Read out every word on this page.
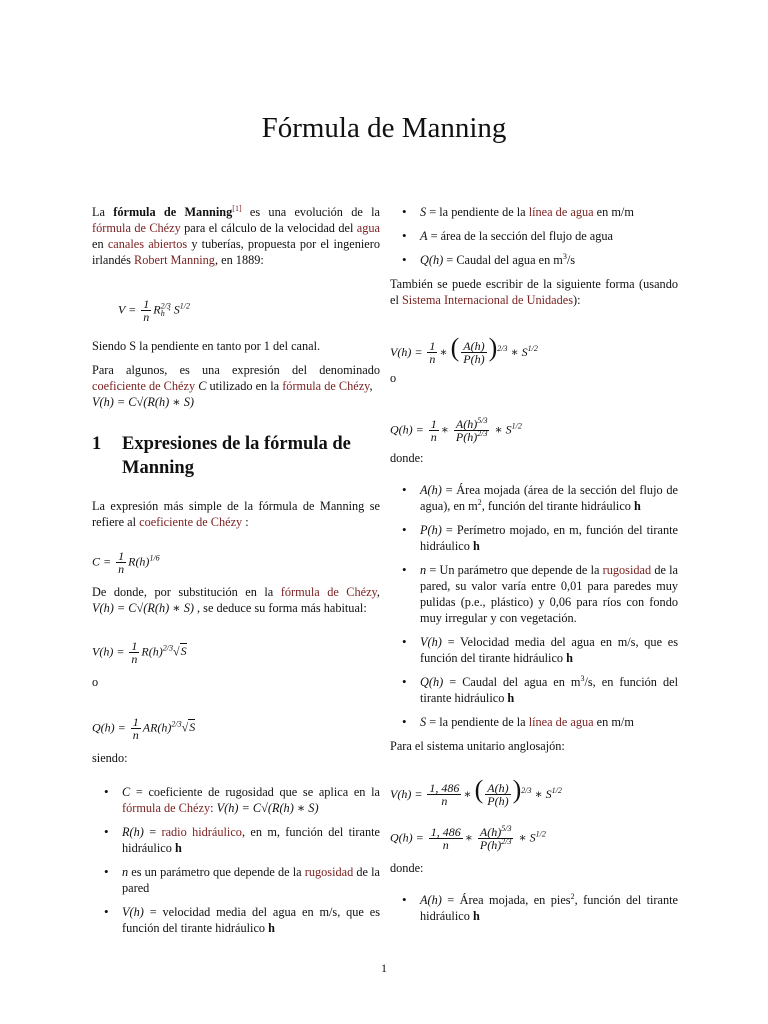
Fórmula de Manning

La fórmula de Manning[1] es una evolución de la fórmula de Chézy para el cálculo de la velocidad del agua en canales abiertos y tuberías, propuesta por el ingeniero irlandés Robert Manning, en 1889:

$V = \frac{1}{n} R^{2/3}_h \cdot S^{1/2}$

Siendo S la pendiente en tanto por 1 del canal.

Para algunos, es una expresión del denominado coeficiente de Chézy C utilizado en la fórmula de Chézy,
V(h) = C√(R(h) ∗ S)

1	Expresiones de la fórmula de Manning

La expresión más simple de la fórmula de Manning se refiere al coeficiente de Chézy :

$C = \frac{1}{n} R(h)^{1/6}$

De donde, por substitución en la fórmula de Chézy, V(h) = C√(R(h) ∗ S) , se deduce su forma más habitual:

$V(h) = \frac{1}{n} R(h)^{2/3}√S$

o

$Q(h) = \frac{1}{n} AR(h)^{2/3}√S$

siendo:

• C = coeficiente de rugosidad que se aplica en la fórmula de Chézy: V(h) = C√(R(h) ∗ S)
• R(h) = radio hidráulico, en m, función del tirante hidráulico h
• n es un parámetro que depende de la rugosidad de la pared
• V(h) = velocidad media del agua en m/s, que es función del tirante hidráulico h
• S = la pendiente de la línea de agua en m/m
• A = área de la sección del flujo de agua
• Q(h) = Caudal del agua en $m^3/s$

También se puede escribir de la siguiente forma (usando el Sistema Internacional de Unidades):

$V(h) = \frac{1}{n}$ ∗ ( $\frac{A(h)}{P(h)} )^{2/3}$ ∗ $S^{1/2}$

o

$Q(h) = \frac{1}{n}$ ∗ $\frac{A(h)^{5/3}}{P(h)^{2/3}}$ ∗ $S^{1/2}$

donde:

• A(h) = Área mojada (área de la sección del flujo de agua), en $m^2$, función del tirante hidráulico h
• P(h) = Perímetro mojado, en m, función del tirante hidráulico h
• n = Un parámetro que depende de la rugosidad de la pared, su valor varía entre 0,01 para paredes muy pulidas (p.e., plástico) y 0,06 para ríos con fondo muy irregular y con vegetación.
• V(h) = Velocidad media del agua en m/s, que es función del tirante hidráulico h
• Q(h) = Caudal del agua en $m^3/s$, en función del tirante hidráulico h
• S = la pendiente de la línea de agua en m/m

Para el sistema unitario anglosajón:

$V(h) = \frac{1, 486}{n}$ ∗ ( $\frac{A(h)}{P(h)} )^{2/3}$ ∗ $S^{1/2}$
$Q(h) = \frac{1, 486}{n}$ ∗ $\frac{A(h)^{5/3}}{P(h)^{2/3}}$ ∗ $S^{1/2}$

donde:

• A(h) = Área mojada, en pies$^2$, función del tirante hidráulico h
1
